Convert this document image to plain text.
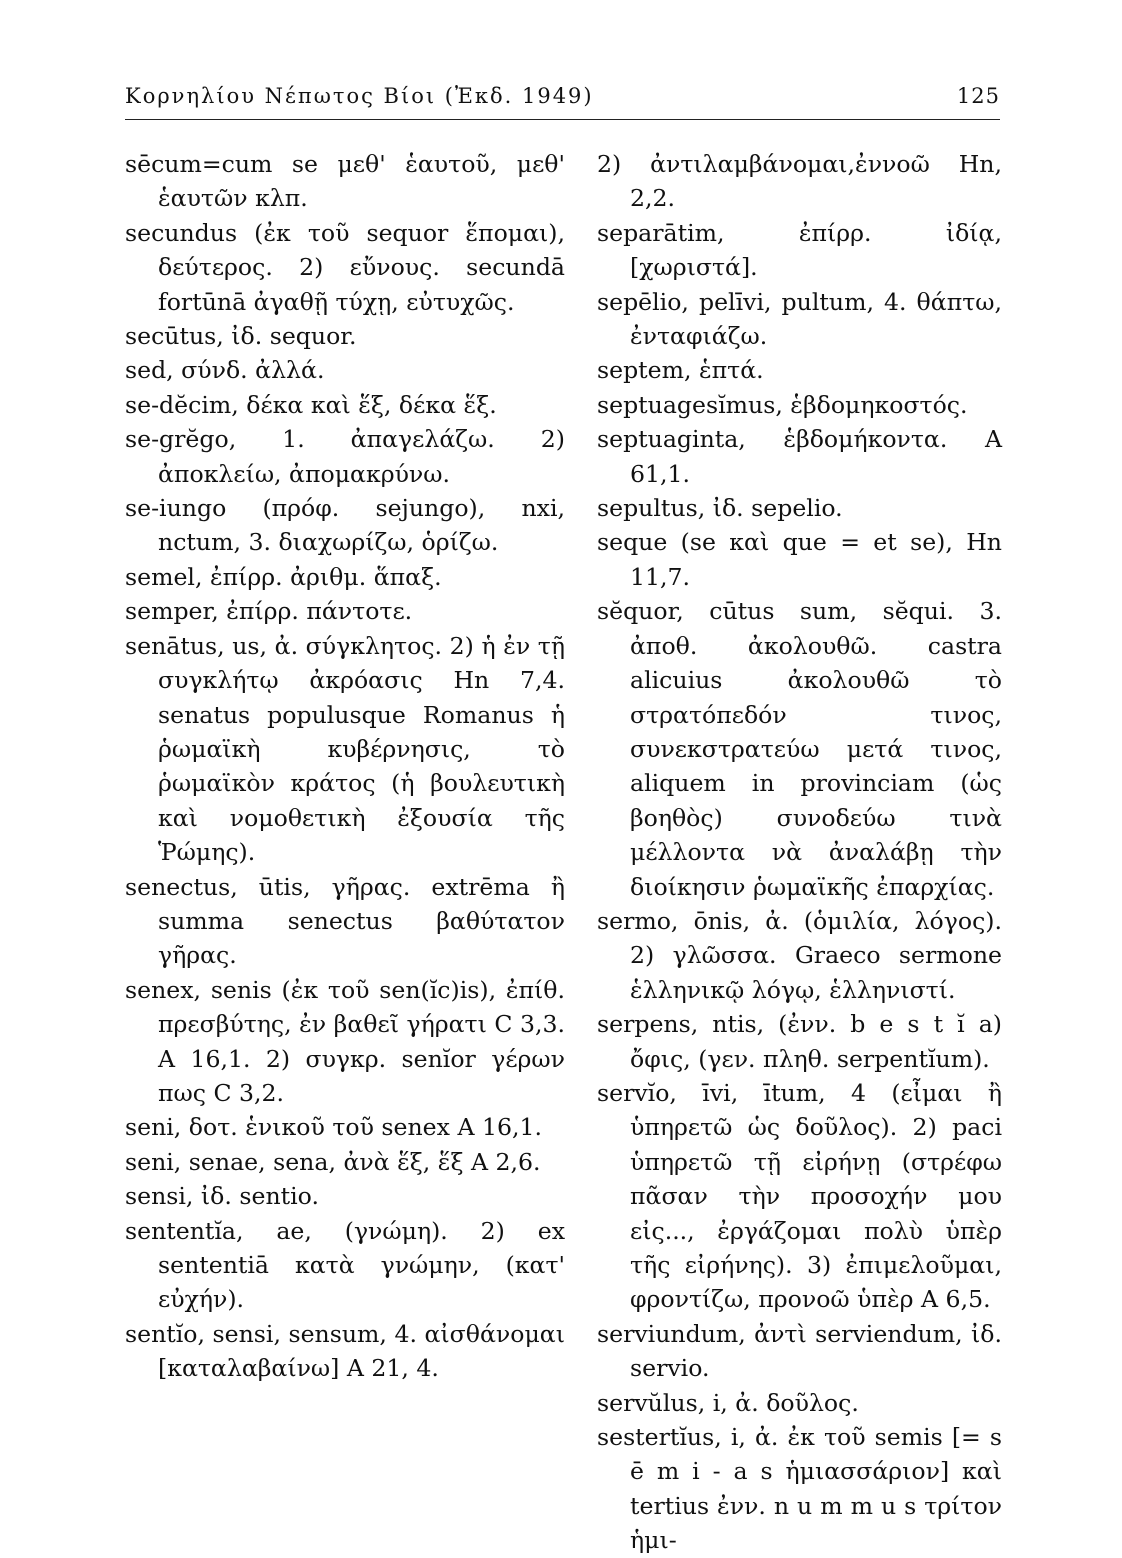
Κορνηλίου Νέπωτος Βίοι (Ἐκδ. 1949)	125

sēcum=cum se μεθ' ἑαυτοῦ, μεθ' ἑαυτῶν κλπ.

secundus (ἐκ τοῦ sequor ἕπομαι), δεύτερος. 2) εὔνους. secundā fortūnā ἀγαθῇ τύχῃ, εὐτυχῶς.

secūtus, ἰδ. sequor.

sed, σύνδ. ἀλλά.

se-dĕcim, δέκα καὶ ἕξ, δέκα ἕξ.

se-grĕgo, 1. ἀπαγελάζω. 2) ἀποκλείω, ἀπομακρύνω.

se-iungo (πρόφ. sejungo), nxi, nctum, 3. διαχωρίζω, ὁρίζω.

semel, ἐπίρρ. ἀριθμ. ἅπαξ.

semper, ἐπίρρ. πάντοτε.

senātus, us, ἀ. σύγκλητος. 2) ἡ ἐν τῇ συγκλήτῳ ἀκρόασις Hn 7,4. senatus populusque Romanus ἡ ῥωμαϊκὴ κυβέρνησις, τὸ ῥωμαϊκὸν κράτος (ἡ βουλευτικὴ καὶ νομοθετικὴ ἐξουσία τῆς Ῥώμης).

senectus, ūtis, γῆρας. extrēma ἢ summa senectus βαθύτατον γῆρας.

senex, senis (ἐκ τοῦ sen(ĭc)is), ἐπίθ. πρεσβύτης, ἐν βαθεῖ γήρατι C 3,3. A 16,1. 2) συγκρ. senĭor γέρων πως C 3,2.

seni, δοτ. ἑνικοῦ τοῦ senex A 16,1.

seni, senae, sena, ἀνὰ ἕξ, ἕξ A 2,6.

sensi, ἰδ. sentio.

sententĭa, ae, (γνώμη). 2) ex sententiā κατὰ γνώμην, (κατ' εὐχήν).

sentĭo, sensi, sensum, 4. αἰσθάνομαι [καταλαβαίνω] A 21, 4.

2) ἀντιλαμβάνομαι,ἐννοῶ Hn, 2,2.

separātim, ἐπίρρ. ἰδίᾳ, [χωριστά].

sepēlio, pelīvi, pultum, 4. θάπτω, ἐνταφιάζω.

septem, ἑπτά.

septuagesĭmus, ἑβδομηκοστός.

septuaginta, ἑβδομήκοντα. A 61,1.

sepultus, ἰδ. sepelio.

seque (se καὶ que = et se), Hn 11,7.

sĕquor, cūtus sum, sĕqui. 3. ἀποθ. ἀκολουθῶ. castra alicuius ἀκολουθῶ τὸ στρατόπεδόν τινος, συνεκστρατεύω μετά τινος, aliquem in provinciam (ὡς βοηθὸς) συνοδεύω τινὰ μέλλοντα νὰ ἀναλάβῃ τὴν διοίκησιν ῥωμαϊκῆς ἐπαρχίας.

sermo, ōnis, ἀ. (ὁμιλία, λόγος). 2) γλῶσσα. Graeco sermone ἑλληνικῷ λόγῳ, ἑλληνιστί.

serpens, ntis, (ἐνν. b e s t ĭ a) ὄφις, (γεν. πληθ. serpentĭum).

servĭo, īvi, ītum, 4 (εἶμαι ἢ ὑπηρετῶ ὡς δοῦλος). 2) paci ὑπηρετῶ τῇ εἰρήνῃ (στρέφω πᾶσαν τὴν προσοχήν μου εἰς..., ἐργάζομαι πολὺ ὑπὲρ τῆς εἰρήνης). 3) ἐπιμελοῦμαι, φροντίζω, προνοῶ ὑπὲρ A 6,5.

serviundum, ἀντὶ serviendum, ἰδ. servio.

servŭlus, i, ἀ. δοῦλος.

sestertĭus, i, ἀ. ἐκ τοῦ semis [= s ē m i - a s ἡμιασσάριον] καὶ tertius ἐνν. n u m m u s τρίτον ἡμι-
